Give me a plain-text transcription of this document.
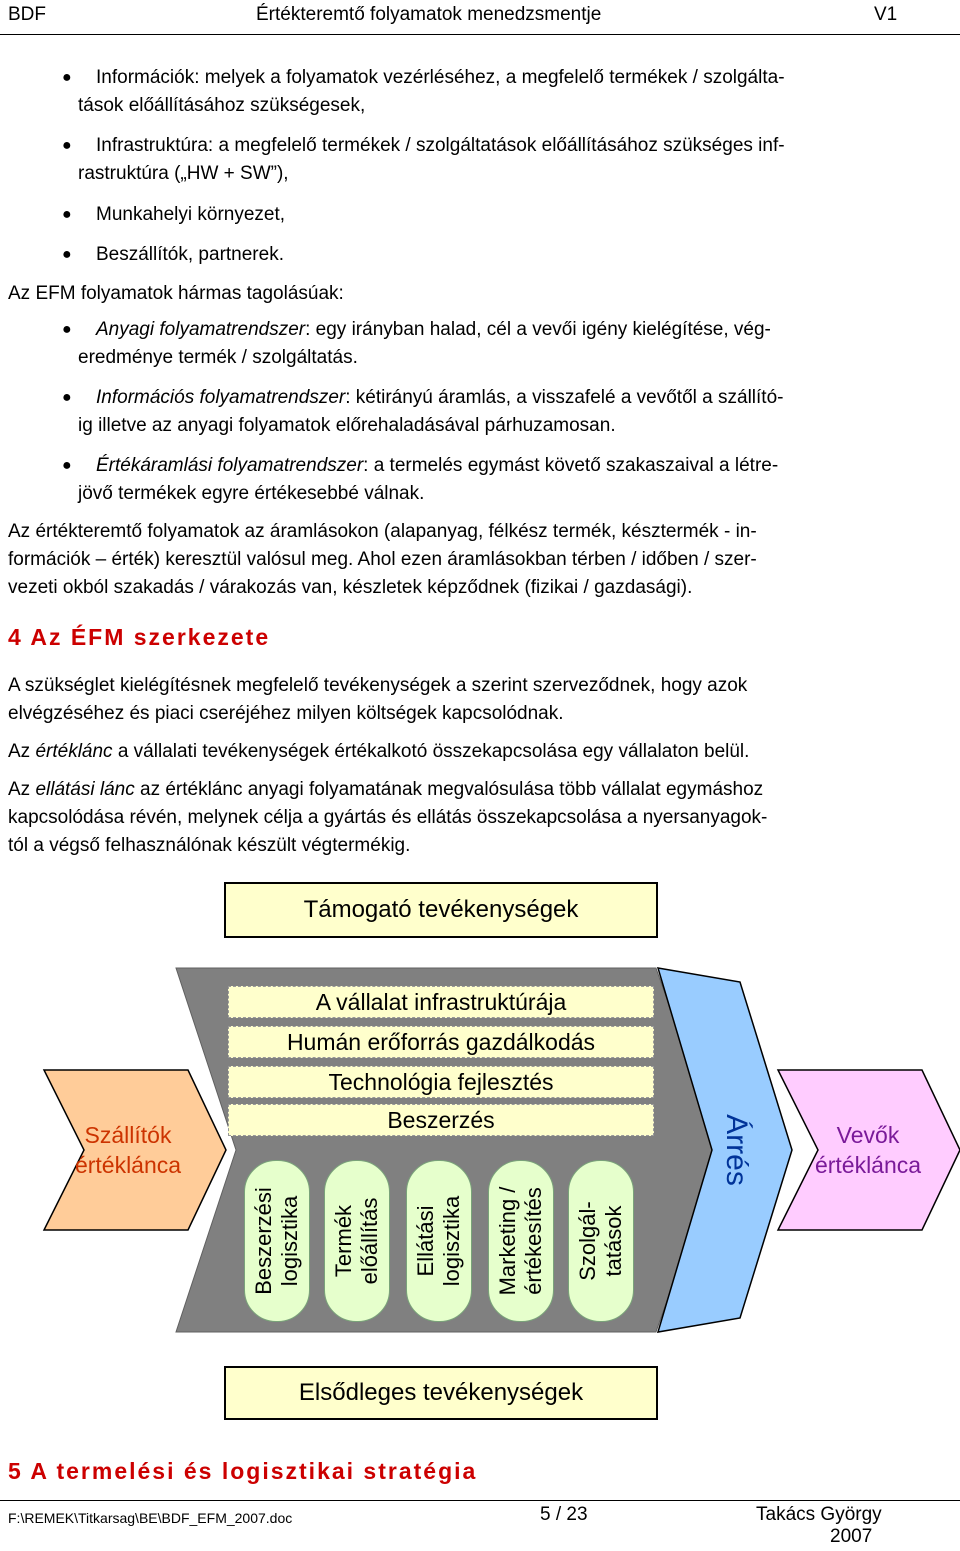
BDF	Értékteremtő folyamatok menedzsmentje	V1
● Információk: melyek a folyamatok vezérléséhez, a megfelelő termékek / szolgálta-
tások előállításához szükségesek,
● Infrastruktúra: a megfelelő termékek / szolgáltatások előállításához szükséges inf-
rastruktúra („HW + SW”),
● Munkahelyi környezet,
● Beszállítók, partnerek.
Az EFM folyamatok hármas tagolásúak:
● Anyagi folyamatrendszer: egy irányban halad, cél a vevői igény kielégítése, vég-
eredménye termék / szolgáltatás.
● Információs folyamatrendszer: kétirányú áramlás, a visszafelé a vevőtől a szállító-
ig illetve az anyagi folyamatok előrehaladásával párhuzamosan.
● Értékáramlási folyamatrendszer: a termelés egymást követő szakaszaival a létre-
jövő termékek egyre értékesebbé válnak.
Az értékteremtő folyamatok az áramlásokon (alapanyag, félkész termék, késztermék - in-
formációk – érték) keresztül valósul meg. Ahol ezen áramlásokban térben / időben / szer-
vezeti okból szakadás / várakozás van, készletek képződnek (fizikai / gazdasági).
4 Az ÉFM szerkezete
A szükséglet kielégítésnek megfelelő tevékenységek a szerint szerveződnek, hogy azok
elvégzéséhez és piaci cseréjéhez milyen költségek kapcsolódnak.
Az értéklánc a vállalati tevékenységek értékalkotó összekapcsolása egy vállalaton belül.
Az ellátási lánc az értéklánc anyagi folyamatának megvalósulása több vállalat egymáshoz
kapcsolódása révén, melynek célja a gyártás és ellátás összekapcsolása a nyersanyagok-
tól a végső felhasználónak készült végtermékig.
Támogató tevékenységek
A vállalat infrastruktúrája
Humán erőforrás gazdálkodás
Technológia fejlesztés
Beszerzés
Szállítók
értéklánca
Vevők
értéklánca
Árrés
Beszerzési logisztika Termék előállítás Ellátási logisztika Marketing / értékesítés Szolgál- tatások
Elsődleges tevékenységek
5 A termelési és logisztikai stratégia
F:\REMEK\Titkarsag\BE\BDF_EFM_2007.doc	5 / 23	Takács György
2007
